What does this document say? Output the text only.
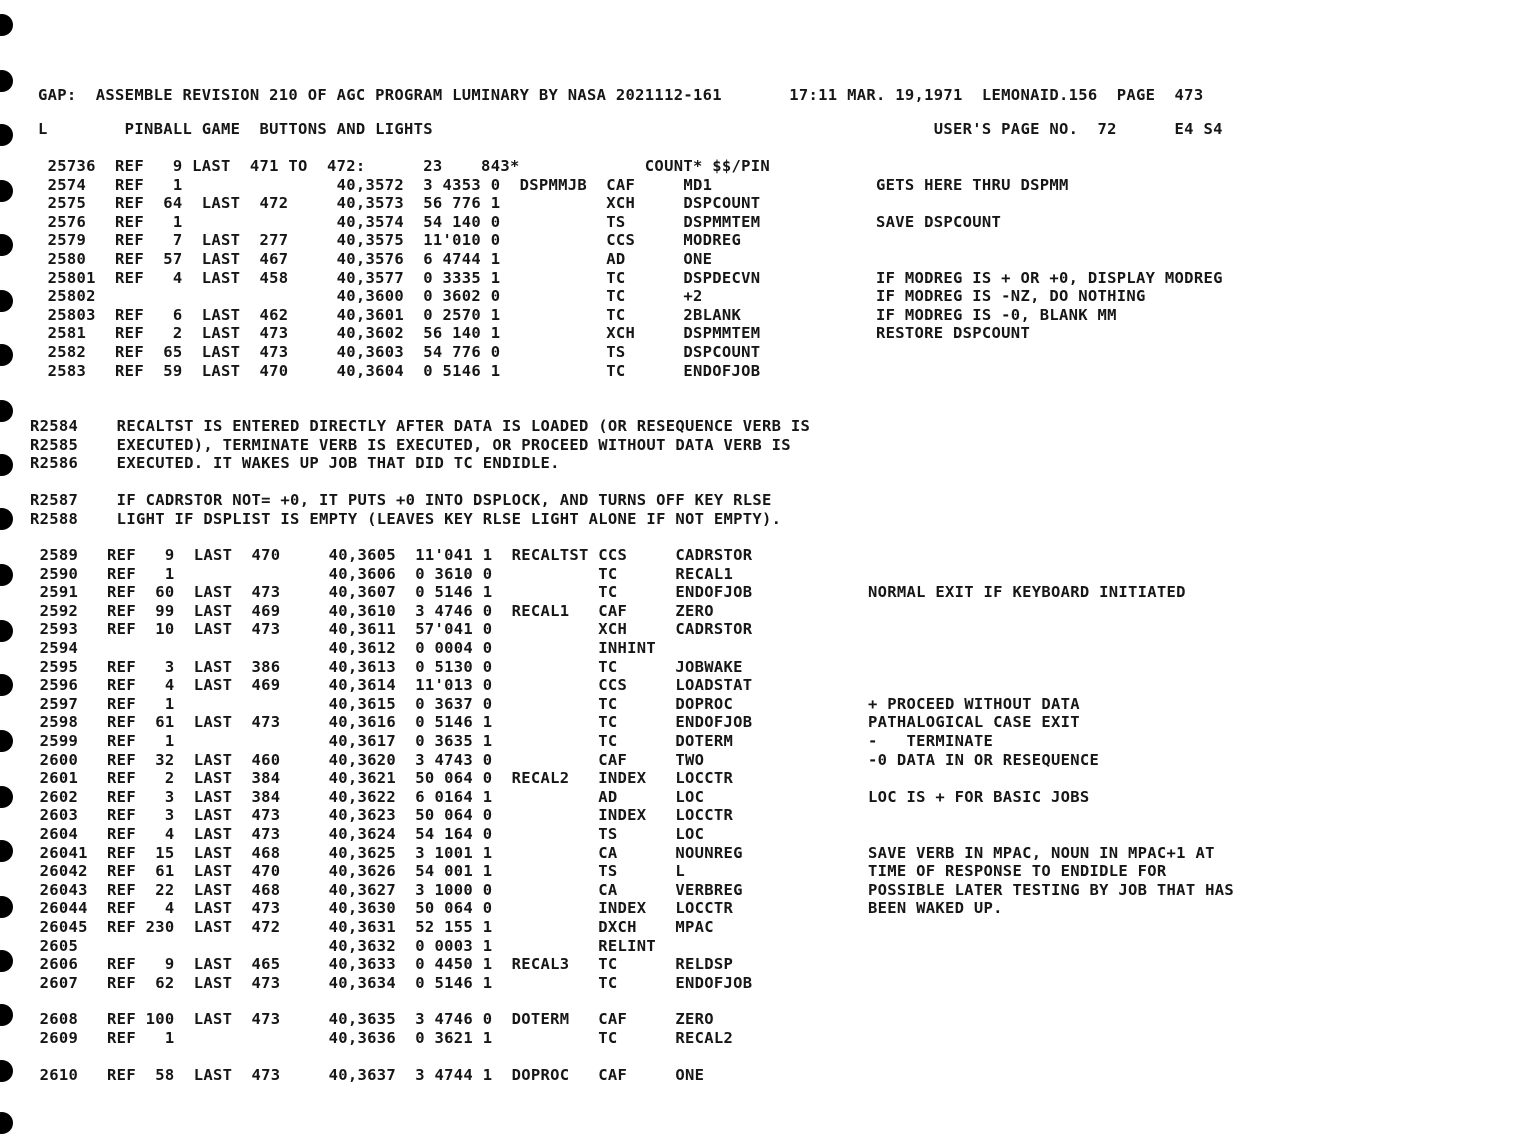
GAP:  ASSEMBLE REVISION 210 OF AGC PROGRAM LUMINARY BY NASA 2021112-161       17:11 MAR. 19,1971  LEMONAID.156  PAGE  473
L        PINBALL GAME  BUTTONS AND LIGHTS                                                    USER'S PAGE NO.  72      E4 S4
25736  REF   9 LAST  471 TO  472:      23    843*             COUNT* $$/PIN
2574   REF   1                40,3572  3 4353 0  DSPMMJB  CAF     MD1                 GETS HERE THRU DSPMM
2575   REF  64  LAST  472     40,3573  56 776 1           XCH     DSPCOUNT
2576   REF   1                40,3574  54 140 0           TS      DSPMMTEM            SAVE DSPCOUNT
2579   REF   7  LAST  277     40,3575  11'010 0           CCS     MODREG
2580   REF  57  LAST  467     40,3576  6 4744 1           AD      ONE
25801  REF   4  LAST  458     40,3577  0 3335 1           TC      DSPDECVN            IF MODREG IS + OR +0, DISPLAY MODREG
25802                         40,3600  0 3602 0           TC      +2                  IF MODREG IS -NZ, DO NOTHING
25803  REF   6  LAST  462     40,3601  0 2570 1           TC      2BLANK              IF MODREG IS -0, BLANK MM
2581   REF   2  LAST  473     40,3602  56 140 1           XCH     DSPMMTEM            RESTORE DSPCOUNT
2582   REF  65  LAST  473     40,3603  54 776 0           TS      DSPCOUNT
2583   REF  59  LAST  470     40,3604  0 5146 1           TC      ENDOFJOB
R2584    RECALTST IS ENTERED DIRECTLY AFTER DATA IS LOADED (OR RESEQUENCE VERB IS
R2585    EXECUTED), TERMINATE VERB IS EXECUTED, OR PROCEED WITHOUT DATA VERB IS
R2586    EXECUTED. IT WAKES UP JOB THAT DID TC ENDIDLE.
R2587    IF CADRSTOR NOT= +0, IT PUTS +0 INTO DSPLOCK, AND TURNS OFF KEY RLSE
R2588    LIGHT IF DSPLIST IS EMPTY (LEAVES KEY RLSE LIGHT ALONE IF NOT EMPTY).
2589   REF   9  LAST  470     40,3605  11'041 1  RECALTST CCS     CADRSTOR
2590   REF   1                40,3606  0 3610 0           TC      RECAL1
2591   REF  60  LAST  473     40,3607  0 5146 1           TC      ENDOFJOB            NORMAL EXIT IF KEYBOARD INITIATED
2592   REF  99  LAST  469     40,3610  3 4746 0  RECAL1   CAF     ZERO
2593   REF  10  LAST  473     40,3611  57'041 0           XCH     CADRSTOR
2594                          40,3612  0 0004 0           INHINT
2595   REF   3  LAST  386     40,3613  0 5130 0           TC      JOBWAKE
2596   REF   4  LAST  469     40,3614  11'013 0           CCS     LOADSTAT
2597   REF   1                40,3615  0 3637 0           TC      DOPROC              + PROCEED WITHOUT DATA
2598   REF  61  LAST  473     40,3616  0 5146 1           TC      ENDOFJOB            PATHALOGICAL CASE EXIT
2599   REF   1                40,3617  0 3635 1           TC      DOTERM              -   TERMINATE
2600   REF  32  LAST  460     40,3620  3 4743 0           CAF     TWO                 -0 DATA IN OR RESEQUENCE
2601   REF   2  LAST  384     40,3621  50 064 0  RECAL2   INDEX   LOCCTR
2602   REF   3  LAST  384     40,3622  6 0164 1           AD      LOC                 LOC IS + FOR BASIC JOBS
2603   REF   3  LAST  473     40,3623  50 064 0           INDEX   LOCCTR
2604   REF   4  LAST  473     40,3624  54 164 0           TS      LOC
26041  REF  15  LAST  468     40,3625  3 1001 1           CA      NOUNREG             SAVE VERB IN MPAC, NOUN IN MPAC+1 AT
26042  REF  61  LAST  470     40,3626  54 001 1           TS      L                   TIME OF RESPONSE TO ENDIDLE FOR
26043  REF  22  LAST  468     40,3627  3 1000 0           CA      VERBREG             POSSIBLE LATER TESTING BY JOB THAT HAS
26044  REF   4  LAST  473     40,3630  50 064 0           INDEX   LOCCTR              BEEN WAKED UP.
26045  REF 230  LAST  472     40,3631  52 155 1           DXCH    MPAC
2605                          40,3632  0 0003 1           RELINT
2606   REF   9  LAST  465     40,3633  0 4450 1  RECAL3   TC      RELDSP
2607   REF  62  LAST  473     40,3634  0 5146 1           TC      ENDOFJOB
2608   REF 100  LAST  473     40,3635  3 4746 0  DOTERM   CAF     ZERO
2609   REF   1                40,3636  0 3621 1           TC      RECAL2
2610   REF  58  LAST  473     40,3637  3 4744 1  DOPROC   CAF     ONE
